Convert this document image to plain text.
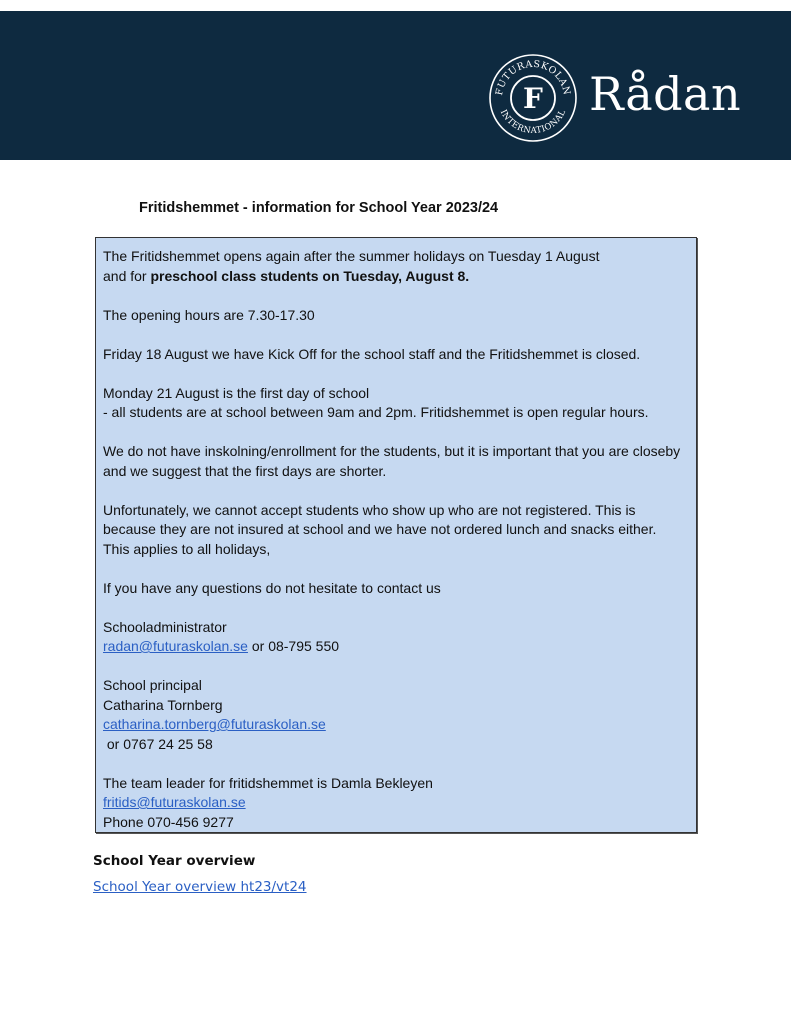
FUTURASKOLAN
INTERNATIONAL
F Rådan
Fritidshemmet - information for School Year 2023/24

The Fritidshemmet opens again after the summer holidays on Tuesday 1 August

and for preschool class students on Tuesday, August 8.

The opening hours are 7.30-17.30

Friday 18 August we have Kick Off for the school staff and the Fritidshemmet is closed.

Monday 21 August is the first day of school

- all students are at school between 9am and 2pm. Fritidshemmet is open regular hours.

We do not have inskolning/enrollment for the students, but it is important that you are closeby

and we suggest that the first days are shorter.

Unfortunately, we cannot accept students who show up who are not registered. This is

because they are not insured at school and we have not ordered lunch and snacks either.

This applies to all holidays,

If you have any questions do not hesitate to contact us

Schooladministrator

radan@futuraskolan.se or 08-795 550

School principal

Catharina Tornberg

catharina.tornberg@futuraskolan.se

or 0767 24 25 58

The team leader for fritidshemmet is Damla Bekleyen

fritids@futuraskolan.se

Phone 070-456 9277

School Year overview
School Year overview ht23/vt24
